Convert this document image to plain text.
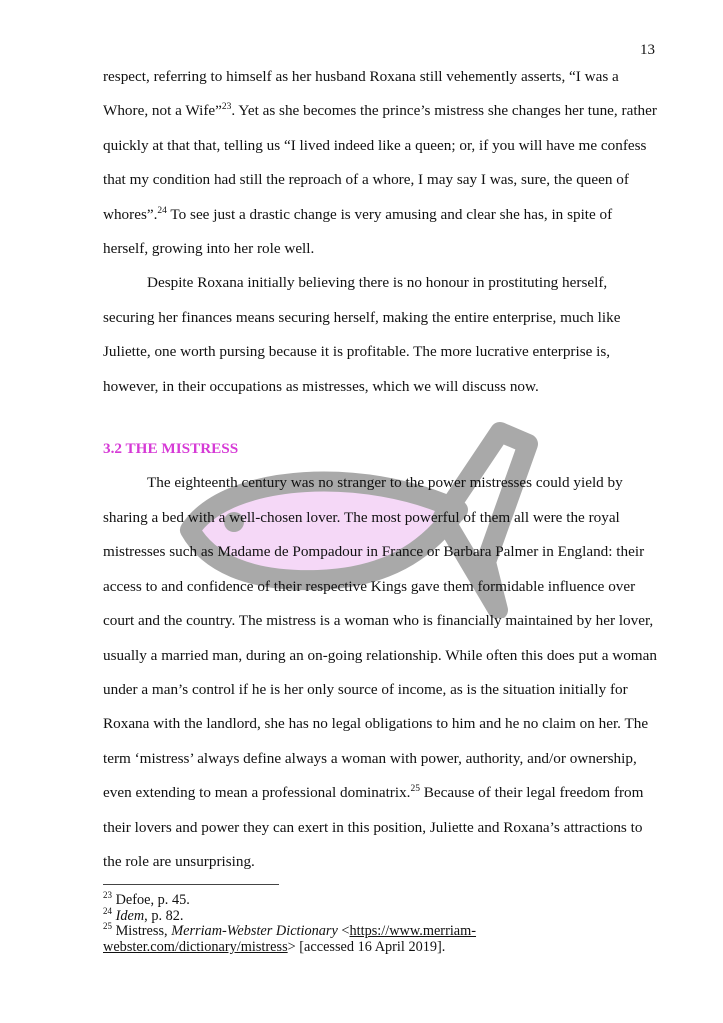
13

respect, referring to himself as her husband Roxana still vehemently asserts, “I was a Whore, not a Wife”$^{23}$. Yet as she becomes the prince’s mistress she changes her tune, rather quickly at that that, telling us “I lived indeed like a queen; or, if you will have me confess that my condition had still the reproach of a whore, I may say I was, sure, the queen of whores”.$^{24}$ To see just a drastic change is very amusing and clear she has, in spite of herself, growing into her role well.

Despite Roxana initially believing there is no honour in prostituting herself, securing her finances means securing herself, making the entire enterprise, much like Juliette, one worth pursing because it is profitable. The more lucrative enterprise is, however, in their occupations as mistresses, which we will discuss now.

3.2 THE MISTRESS

The eighteenth century was no stranger to the power mistresses could yield by sharing a bed with a well-chosen lover. The most powerful of them all were the royal mistresses such as Madame de Pompadour in France or Barbara Palmer in England: their access to and confidence of their respective Kings gave them formidable influence over court and the country. The mistress is a woman who is financially maintained by her lover, usually a married man, during an on-going relationship. While often this does put a woman under a man’s control if he is her only source of income, as is the situation initially for Roxana with the landlord, she has no legal obligations to him and he no claim on her. The term ‘mistress’ always define always a woman with power, authority, and/or ownership, even extending to mean a professional dominatrix.$^{25}$ Because of their legal freedom from their lovers and power they can exert in this position, Juliette and Roxana’s attractions to the role are unsurprising.

$^{23}$ Defoe, p. 45.

$^{24}$ Idem, p. 82.

$^{25}$ Mistress, Merriam-Webster Dictionary <https://www.merriam-webster.com/dictionary/mistress> [accessed 16 April 2019].
